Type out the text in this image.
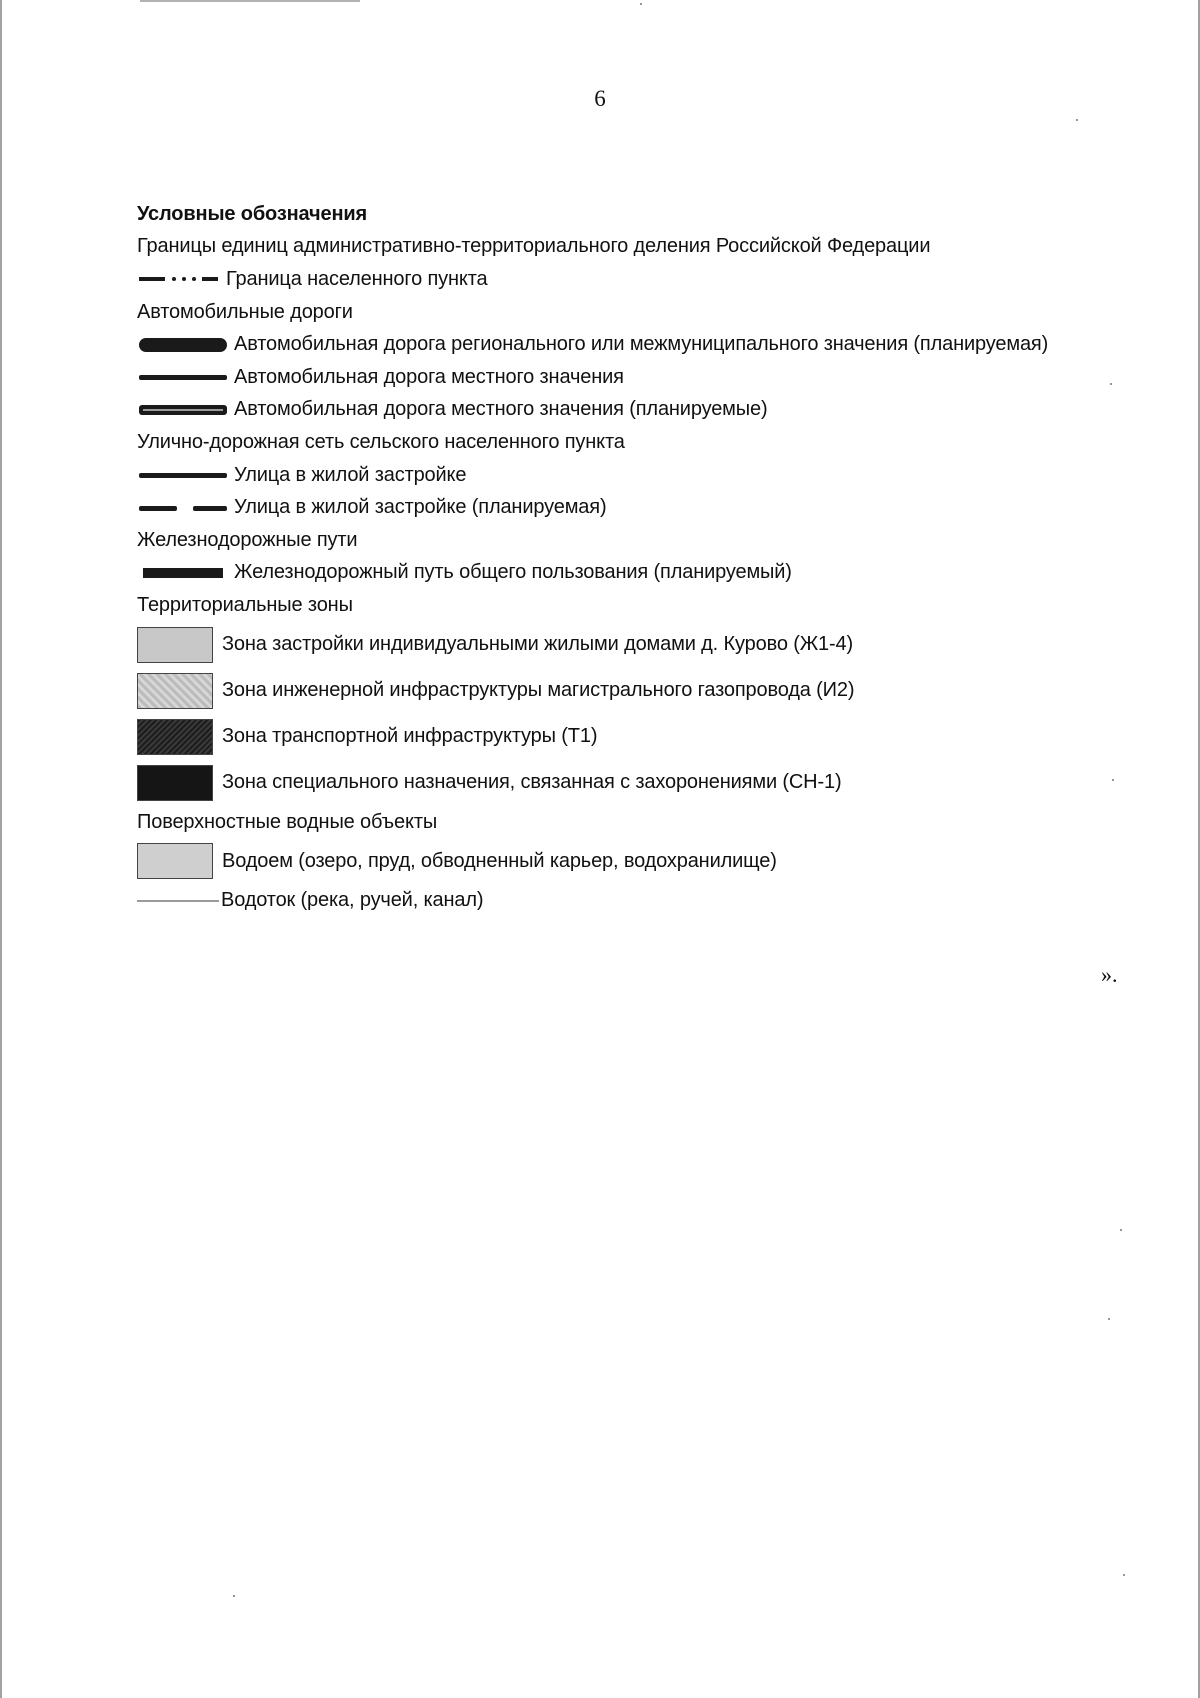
6
Условные обозначения
Границы единиц административно-территориального деления Российской Федерации
Граница населенного пункта
Автомобильные дороги
Автомобильная дорога регионального или межмуниципального значения (планируемая)
Автомобильная дорога местного значения
Автомобильная дорога местного значения (планируемые)
Улично-дорожная сеть сельского населенного пункта
Улица в жилой застройке
Улица в жилой застройке (планируемая)
Железнодорожные пути
Железнодорожный путь общего пользования (планируемый)
Территориальные зоны
Зона застройки индивидуальными жилыми домами д. Курово (Ж1-4)
Зона инженерной инфраструктуры магистрального газопровода (И2)
Зона транспортной инфраструктуры (Т1)
Зона специального назначения, связанная с захоронениями (СН-1)
Поверхностные водные объекты
Водоем (озеро, пруд, обводненный карьер, водохранилище)
Водоток (река, ручей, канал)
».
